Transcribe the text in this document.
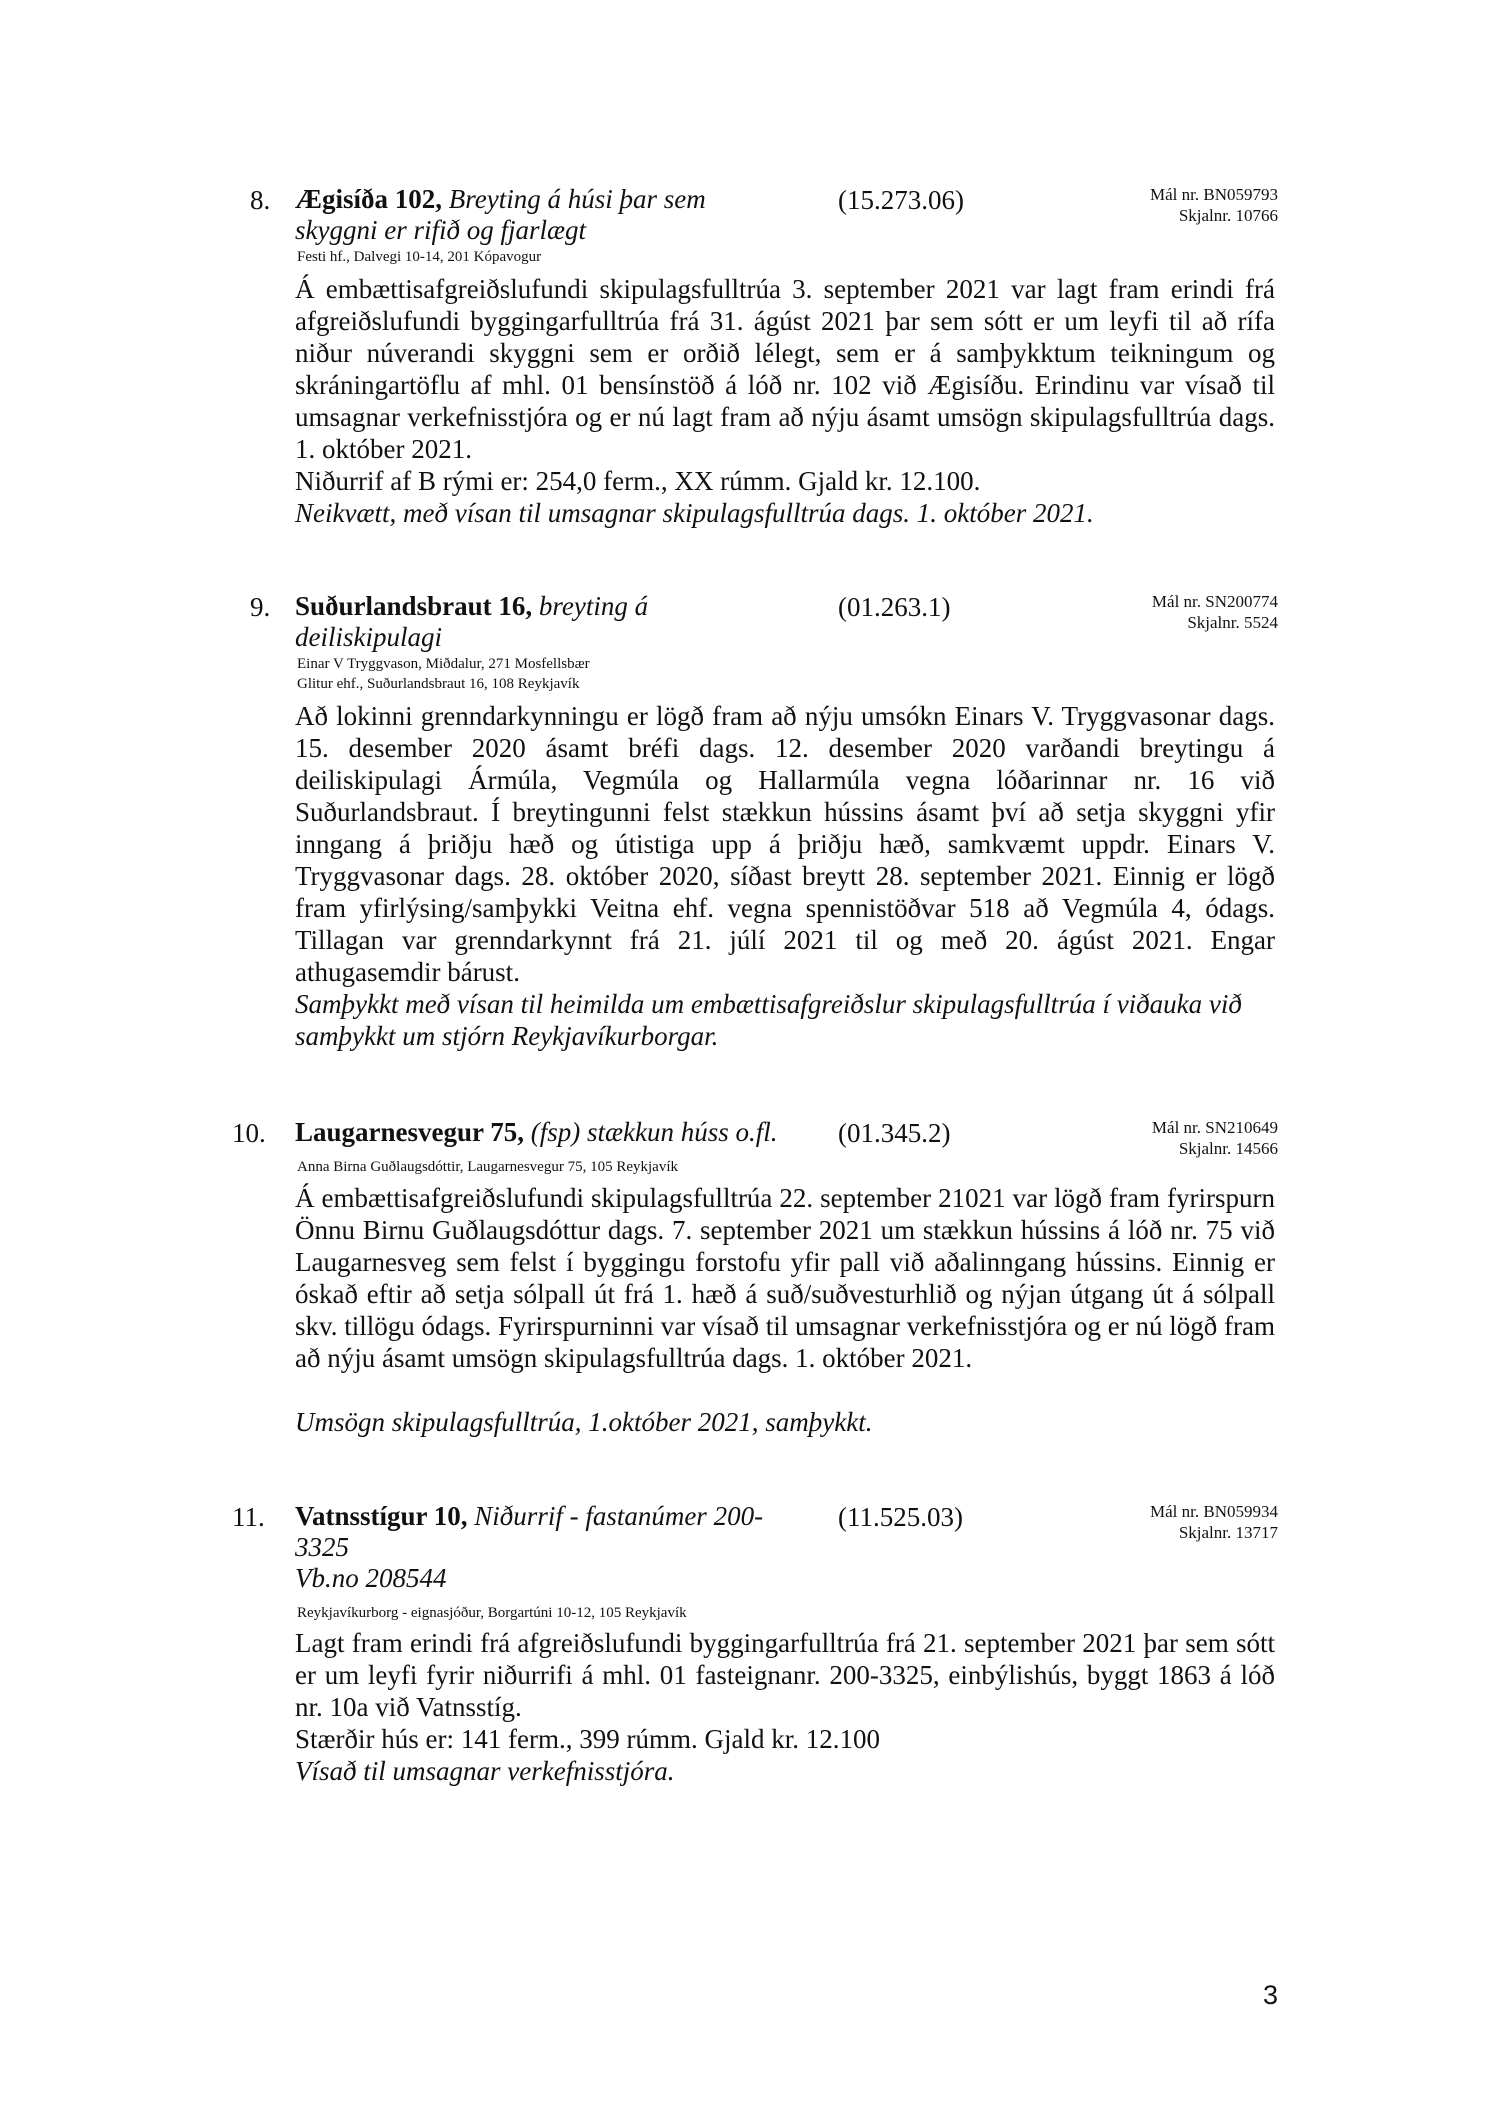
8. Ægisíða 102, Breyting á húsi þar sem skyggni er rifið og fjarlægt
(15.273.06)	Mál nr. BN059793
Skjalnr. 10766
Festi hf., Dalvegi 10-14, 201 Kópavogur
Á embættisafgreiðslufundi skipulagsfulltrúa 3. september 2021 var lagt fram erindi frá afgreiðslufundi byggingarfulltrúa frá 31. ágúst 2021 þar sem sótt er um leyfi til að rífa niður núverandi skyggni sem er orðið lélegt, sem er á samþykktum teikningum og skráningartöflu af mhl. 01 bensínstöð á lóð nr. 102 við Ægisíðu. Erindinu var vísað til umsagnar verkefnisstjóra og er nú lagt fram að nýju ásamt umsögn skipulagsfulltrúa dags. 1. október 2021.
Niðurrif af B rými er: 254,0 ferm., XX rúmm. Gjald kr. 12.100.
Neikvætt, með vísan til umsagnar skipulagsfulltrúa dags. 1. október 2021.
9. Suðurlandsbraut 16, breyting á deiliskipulagi
(01.263.1)	Mál nr. SN200774
Skjalnr. 5524
Einar V Tryggvason, Miðdalur, 271 Mosfellsbær
Glitur ehf., Suðurlandsbraut 16, 108 Reykjavík
Að lokinni grenndarkynningu er lögð fram að nýju umsókn Einars V. Tryggvasonar dags. 15. desember 2020 ásamt bréfi dags. 12. desember 2020 varðandi breytingu á deiliskipulagi Ármúla, Vegmúla og Hallarmúla vegna lóðarinnar nr. 16 við Suðurlandsbraut. Í breytingunni felst stækkun hússins ásamt því að setja skyggni yfir inngang á þriðju hæð og útistiga upp á þriðju hæð, samkvæmt uppdr. Einars V. Tryggvasonar dags. 28. október 2020, síðast breytt 28. september 2021. Einnig er lögð fram yfirlýsing/samþykki Veitna ehf. vegna spennistöðvar 518 að Vegmúla 4, ódags. Tillagan var grenndarkynnt frá 21. júlí 2021 til og með 20. ágúst 2021. Engar athugasemdir bárust.
Samþykkt með vísan til heimilda um embættisafgreiðslur skipulagsfulltrúa í viðauka við samþykkt um stjórn Reykjavíkurborgar.
10. Laugarnesvegur 75, (fsp) stækkun húss o.fl.	(01.345.2)	Mál nr. SN210649
Skjalnr. 14566
Anna Birna Guðlaugsdóttir, Laugarnesvegur 75, 105 Reykjavík
Á embættisafgreiðslufundi skipulagsfulltrúa 22. september 21021 var lögð fram fyrirspurn Önnu Birnu Guðlaugsdóttur dags. 7. september 2021 um stækkun hússins á lóð nr. 75 við Laugarnesveg sem felst í byggingu forstofu yfir pall við aðalinngang hússins. Einnig er óskað eftir að setja sólpall út frá 1. hæð á suð/suðvesturhlið og nýjan útgang út á sólpall skv. tillögu ódags. Fyrirspurninni var vísað til umsagnar verkefnisstjóra og er nú lögð fram að nýju ásamt umsögn skipulagsfulltrúa dags. 1. október 2021.
Umsögn skipulagsfulltrúa, 1.október 2021, samþykkt.
11. Vatnsstígur 10, Niðurrif - fastanúmer 200-3325
Vb.no 208544
(11.525.03)	Mál nr. BN059934
Skjalnr. 13717
Reykjavíkurborg - eignasjóður, Borgartúni 10-12, 105 Reykjavík
Lagt fram erindi frá afgreiðslufundi byggingarfulltrúa frá 21. september 2021 þar sem sótt er um leyfi fyrir niðurrifi á mhl. 01 fasteignanr. 200-3325, einbýlishús, byggt 1863 á lóð nr. 10a við Vatnsstíg.
Stærðir hús er: 141 ferm., 399 rúmm. Gjald kr. 12.100
Vísað til umsagnar verkefnisstjóra.
3
